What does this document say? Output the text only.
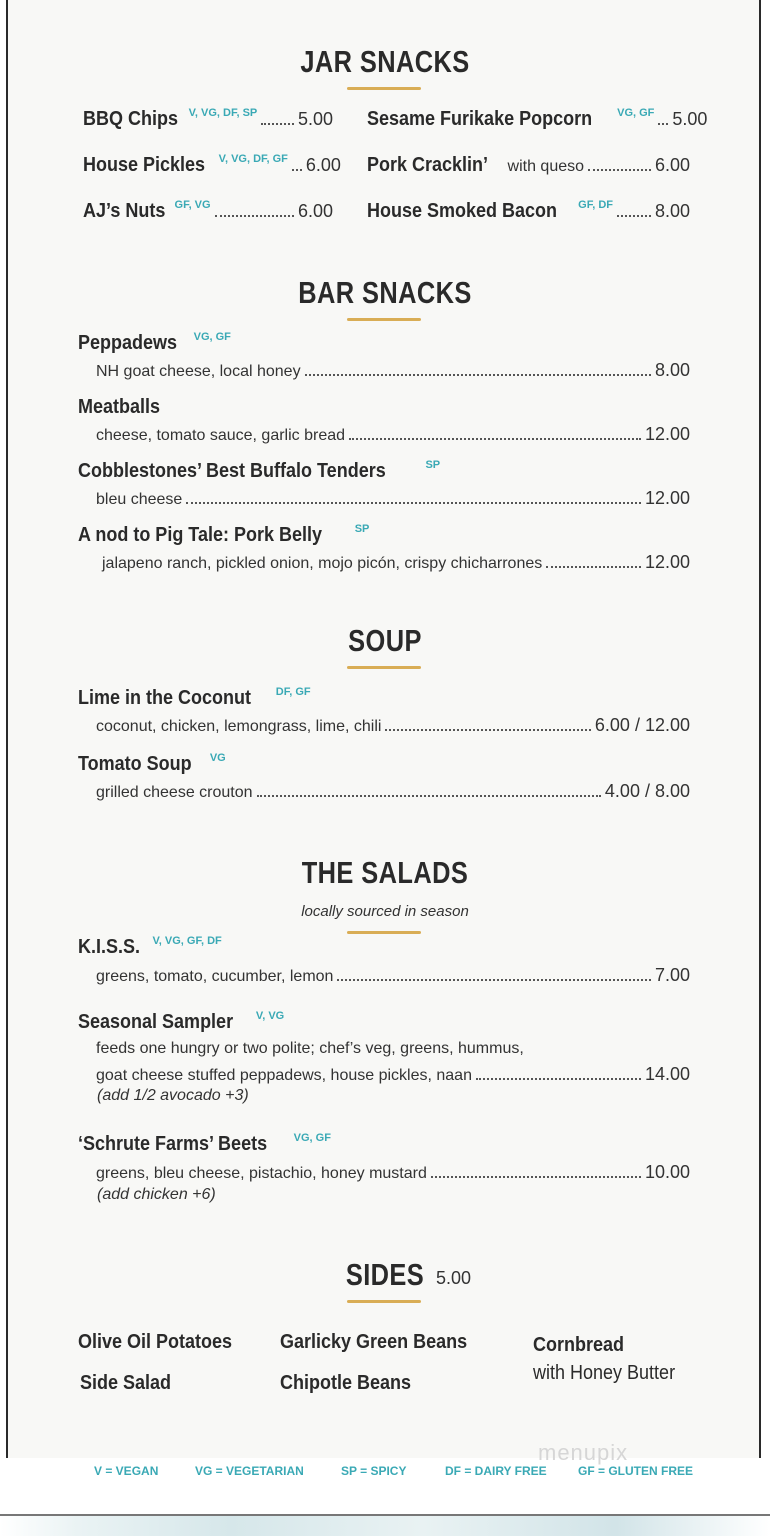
JAR SNACKS
BBQ Chips V, VG, DF, SP 5.00
House Pickles V, VG, DF, GF 6.00
AJ’s Nuts GF, VG	6.00
Sesame Furikake Popcorn VG, GF 5.00
Pork Cracklin’ with queso	6.00
House Smoked Bacon GF, DF 8.00
BAR SNACKS
Peppadews $^{VG, GF}$
NH goat cheese, local honey	8.00
Meatballs
cheese, tomato sauce, garlic bread	12.00
Cobblestones’ Best Buffalo Tenders	$^{SP}$
bleu cheese	12.00
A nod to Pig Tale: Pork Belly	$^{SP}$
jalapeno ranch, pickled onion, mojo picón, crispy chicharrones	12.00
SOUP
Lime in the Coconut $^{DF, GF}$
coconut, chicken, lemongrass, lime, chili	6.00 / 12.00
Tomato Soup $^{VG}$
grilled cheese crouton	4.00 / 8.00
THE SALADS
locally sourced in season
K.I.S.S. $^{V, VG, GF, DF}$
greens, tomato, cucumber, lemon	7.00
Seasonal Sampler $^{V, VG}$
feeds one hungry or two polite; chef’s veg, greens, hummus,
goat cheese stuffed peppadews, house pickles, naan	14.00
(add 1/2 avocado +3)
‘Schrute Farms’ Beets $^{VG, GF}$
greens, bleu cheese, pistachio, honey mustard	10.00
(add chicken +6)
SIDES 5.00
Olive Oil Potatoes
Side Salad
Garlicky Green Beans
Chipotle Beans
Cornbread
with Honey Butter
menupix
V = VEGAN	VG = VEGETARIAN	SP = SPICY	DF = DAIRY FREE	GF = GLUTEN FREE
